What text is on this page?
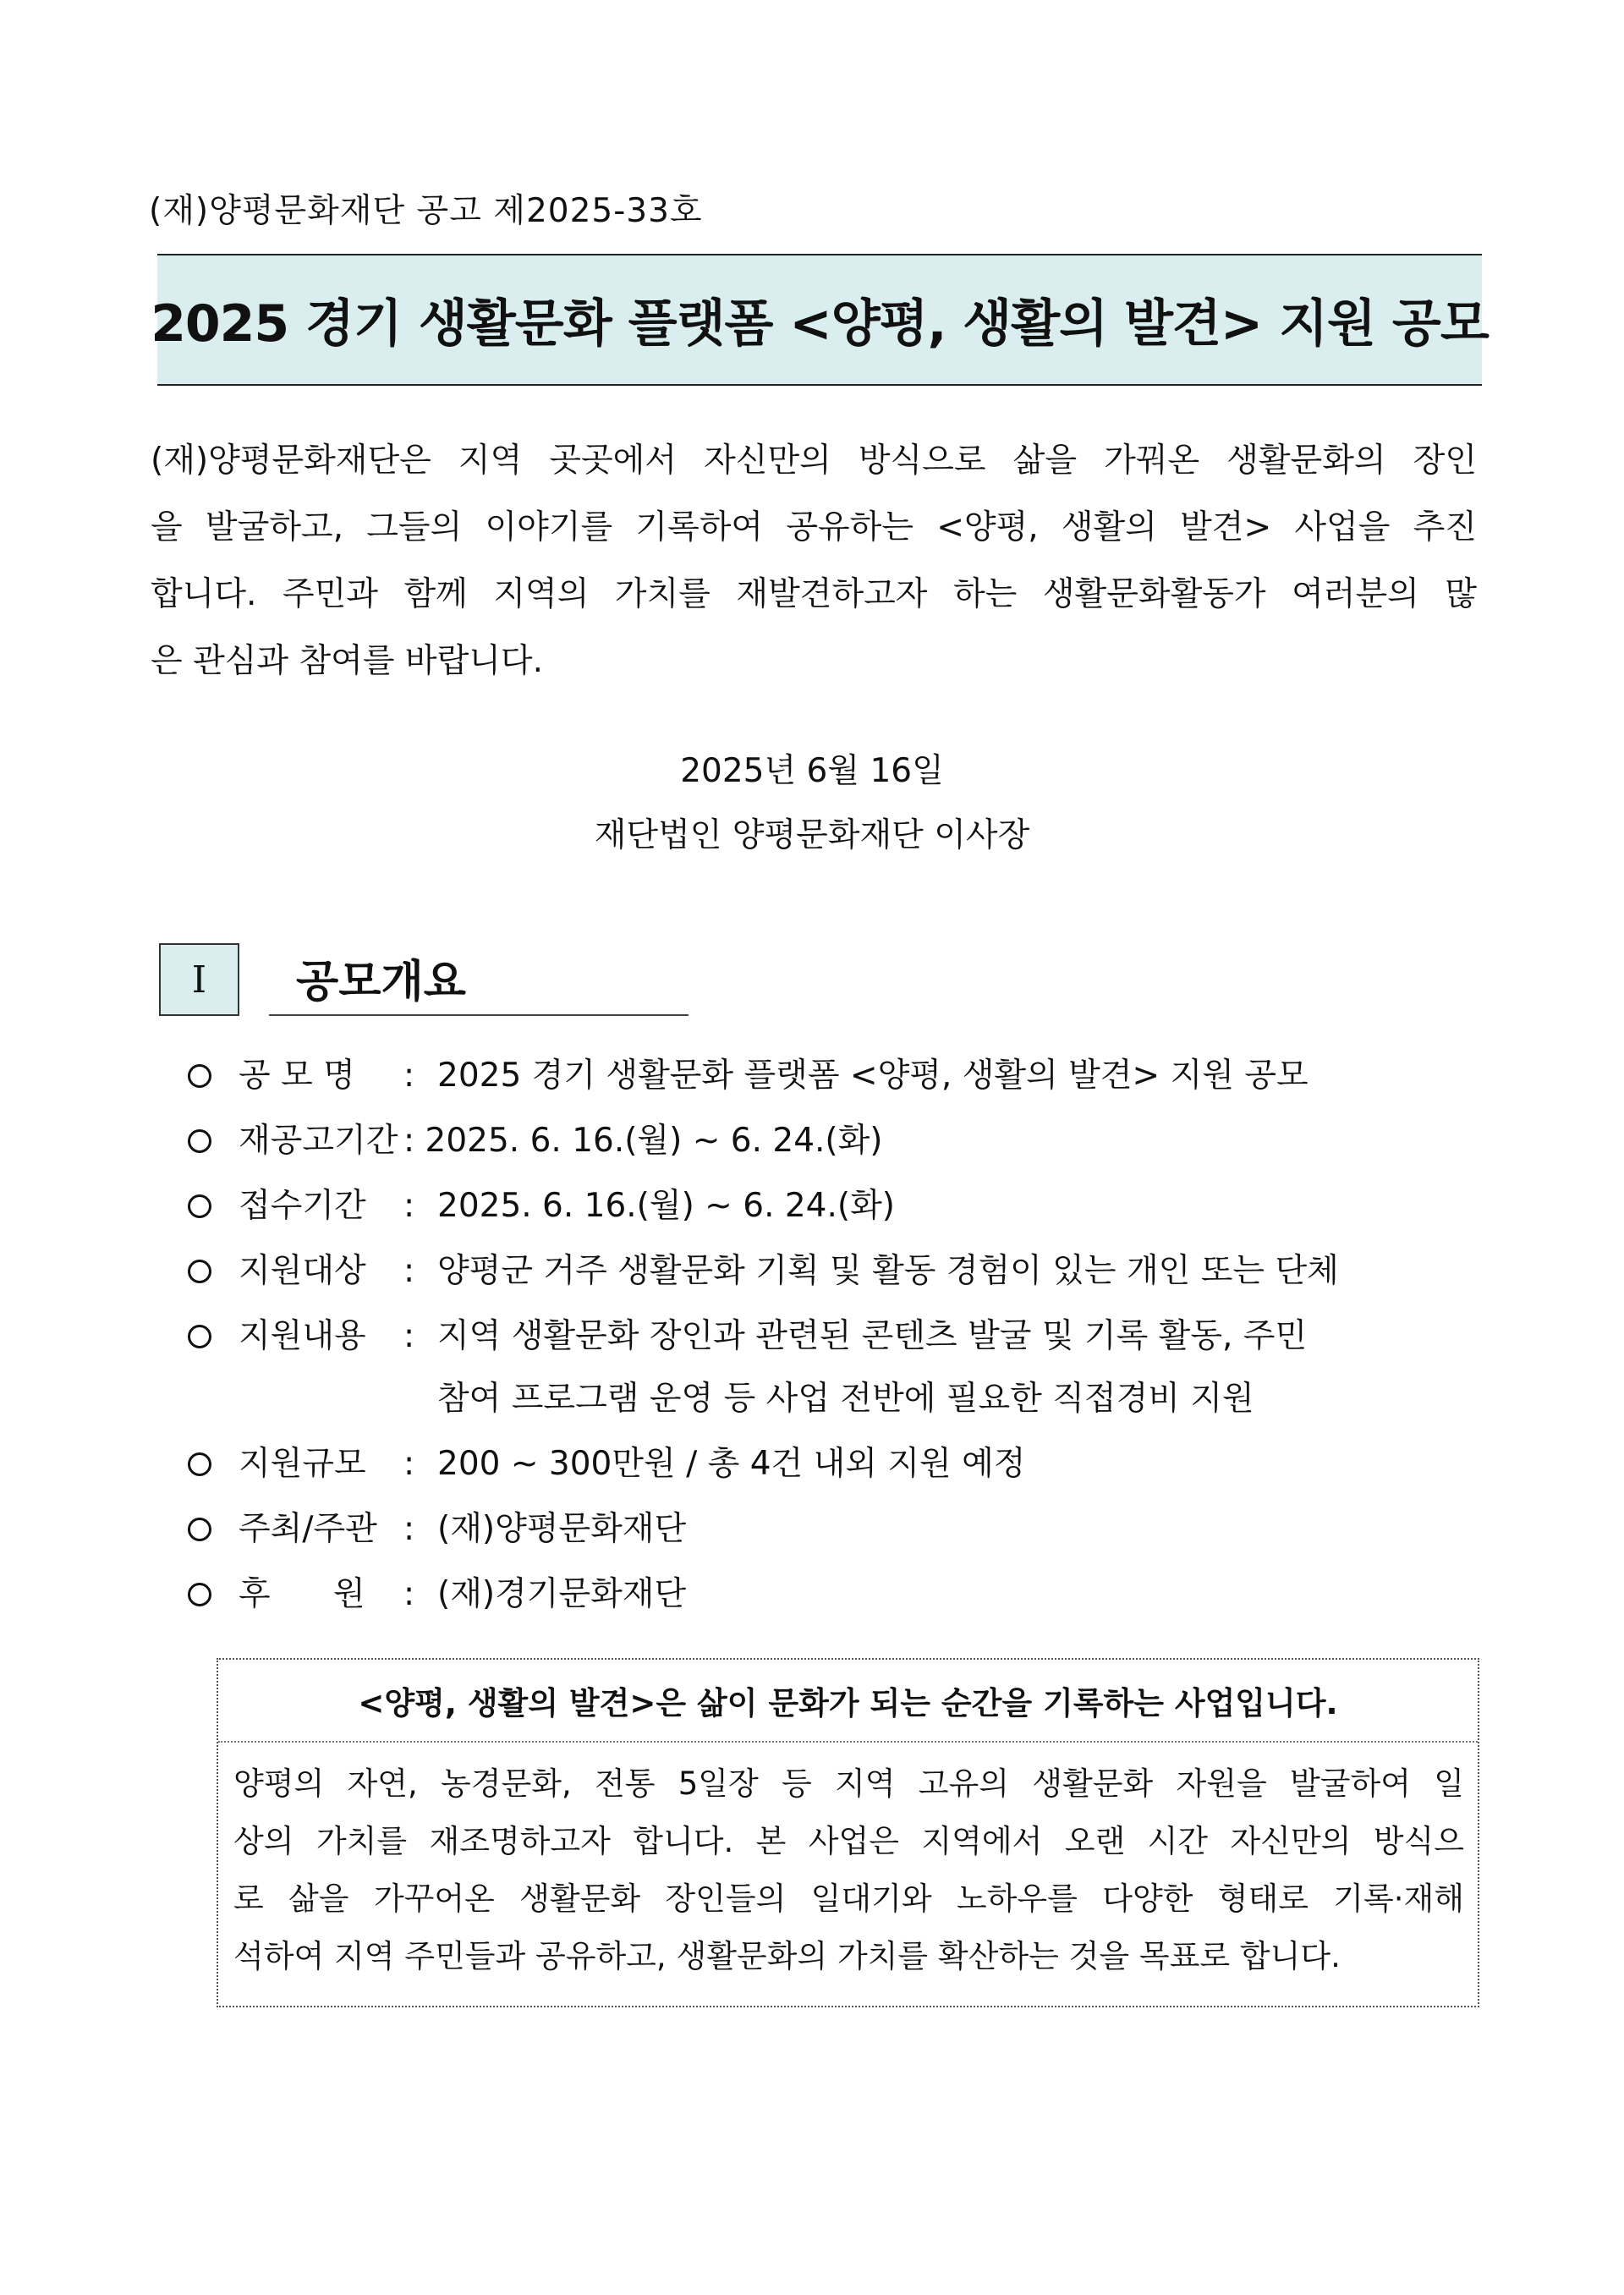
(재)양평문화재단 공고 제2025-33호
2025 경기 생활문화 플랫폼 <양평, 생활의 발견> 지원 공모
(재)양평문화재단은 지역 곳곳에서 자신만의 방식으로 삶을 가꿔온 생활문화의 장인
을 발굴하고, 그들의 이야기를 기록하여 공유하는 <양평, 생활의 발견> 사업을 추진
합니다. 주민과 함께 지역의 가치를 재발견하고자 하는 생활문화활동가 여러분의 많
은 관심과 참여를 바랍니다.
2025년 6월 16일
재단법인 양평문화재단 이사장
Ⅰ	공모개요
공 모 명 : 2025 경기 생활문화 플랫폼 <양평, 생활의 발견> 지원 공모
재공고기간 : 2025. 6. 16.(월) ~ 6. 24.(화)
접수기간 : 2025. 6. 16.(월) ~ 6. 24.(화)
지원대상 : 양평군 거주 생활문화 기획 및 활동 경험이 있는 개인 또는 단체
지원내용 : 지역 생활문화 장인과 관련된 콘텐츠 발굴 및 기록 활동, 주민
참여 프로그램 운영 등 사업 전반에 필요한 직접경비 지원
지원규모 : 200 ~ 300만원 / 총 4건 내외 지원 예정
주최/주관 : (재)양평문화재단
후      원 : (재)경기문화재단
<양평, 생활의 발견>은 삶이 문화가 되는 순간을 기록하는 사업입니다.
양평의 자연, 농경문화, 전통 5일장 등 지역 고유의 생활문화 자원을 발굴하여 일
상의 가치를 재조명하고자 합니다. 본 사업은 지역에서 오랜 시간 자신만의 방식으
로 삶을 가꾸어온 생활문화 장인들의 일대기와 노하우를 다양한 형태로 기록·재해
석하여 지역 주민들과 공유하고, 생활문화의 가치를 확산하는 것을 목표로 합니다.
